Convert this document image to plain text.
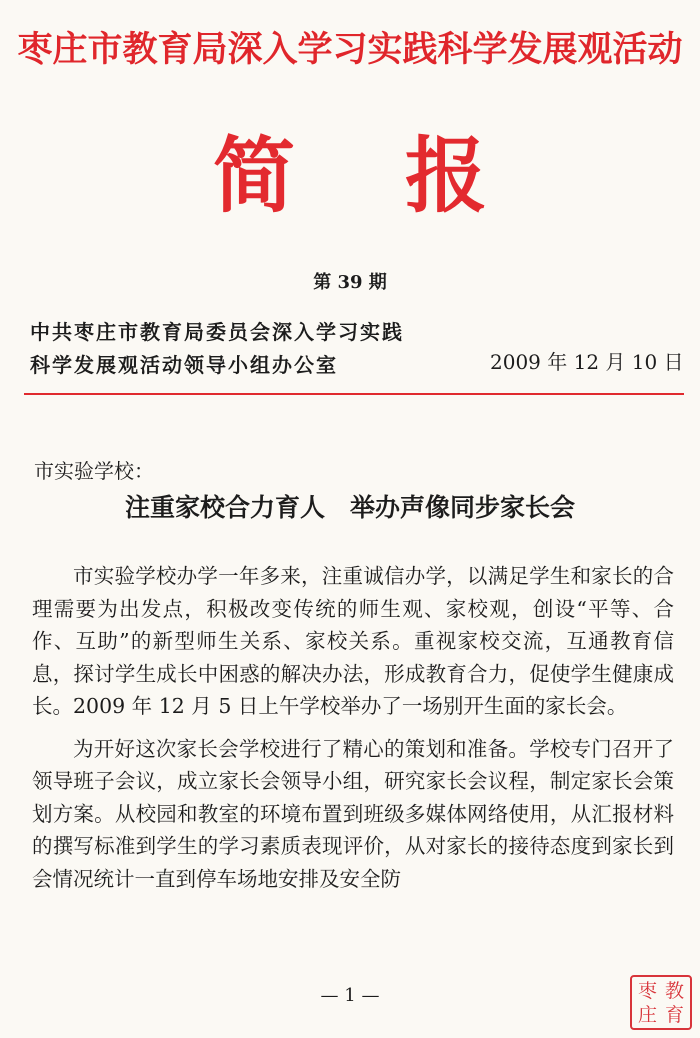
枣庄市教育局深入学习实践科学发展观活动
简报
第 39 期
中共枣庄市教育局委员会深入学习实践
科学发展观活动领导小组办公室	2009 年 12 月 10 日
市实验学校：
注重家校合力育人　举办声像同步家长会

市实验学校办学一年多来，注重诚信办学，以满足学生和家长的合理需要为出发点，积极改变传统的师生观、家校观，创设“平等、合作、互助”的新型师生关系、家校关系。重视家校交流，互通教育信息，探讨学生成长中困惑的解决办法，形成教育合力，促使学生健康成长。2009 年 12 月 5 日上午学校举办了一场别开生面的家长会。

为开好这次家长会学校进行了精心的策划和准备。学校专门召开了领导班子会议，成立家长会领导小组，研究家长会议程，制定家长会策划方案。从校园和教室的环境布置到班级多媒体网络使用，从汇报材料的撰写标准到学生的学习素质表现评价，从对家长的接待态度到家长到会情况统计一直到停车场地安排及安全防

— 1 —	枣 教
庄 育
